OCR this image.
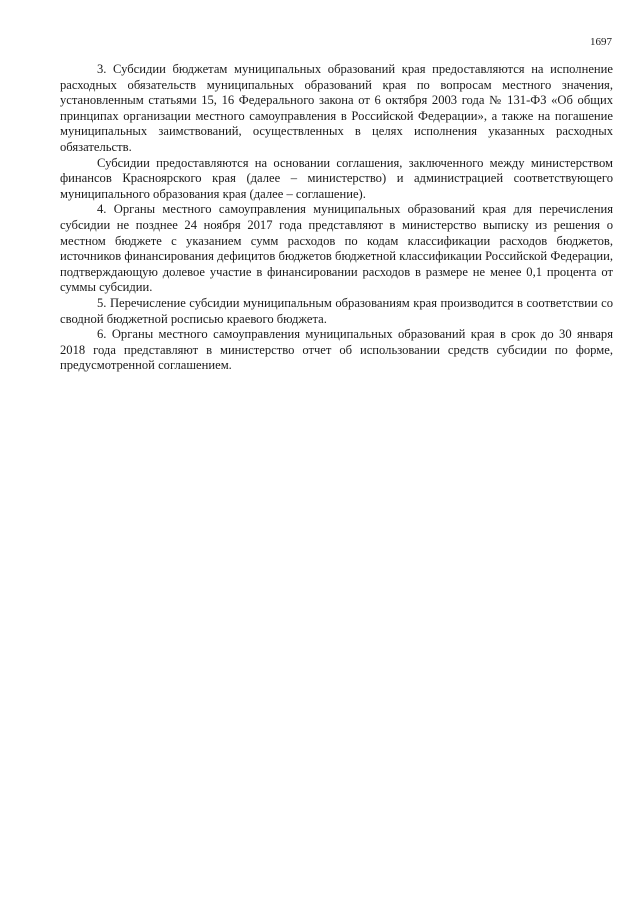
1697

3. Субсидии бюджетам муниципальных образований края предоставляются на исполнение расходных обязательств муниципальных образований края по вопросам местного значения, установленным статьями 15, 16 Федерального закона от 6 октября 2003 года № 131-ФЗ «Об общих принципах организации местного самоуправления в Российской Федерации», а также на погашение муниципальных заимствований, осуществленных в целях исполнения указанных расходных обязательств.

Субсидии предоставляются на основании соглашения, заключенного между министерством финансов Красноярского края (далее – министерство) и администрацией соответствующего муниципального образования края (далее – соглашение).

4. Органы местного самоуправления муниципальных образований края для перечисления субсидии не позднее 24 ноября 2017 года представляют в министерство выписку из решения о местном бюджете с указанием сумм расходов по кодам классификации расходов бюджетов, источников финансирования дефицитов бюджетов бюджетной классификации Российской Федерации, подтверждающую долевое участие в финансировании расходов в размере не менее 0,1 процента от суммы субсидии.

5. Перечисление субсидии муниципальным образованиям края производится в соответствии со сводной бюджетной росписью краевого бюджета.

6. Органы местного самоуправления муниципальных образований края в срок до 30 января 2018 года представляют в министерство отчет об использовании средств субсидии по форме, предусмотренной соглашением.
